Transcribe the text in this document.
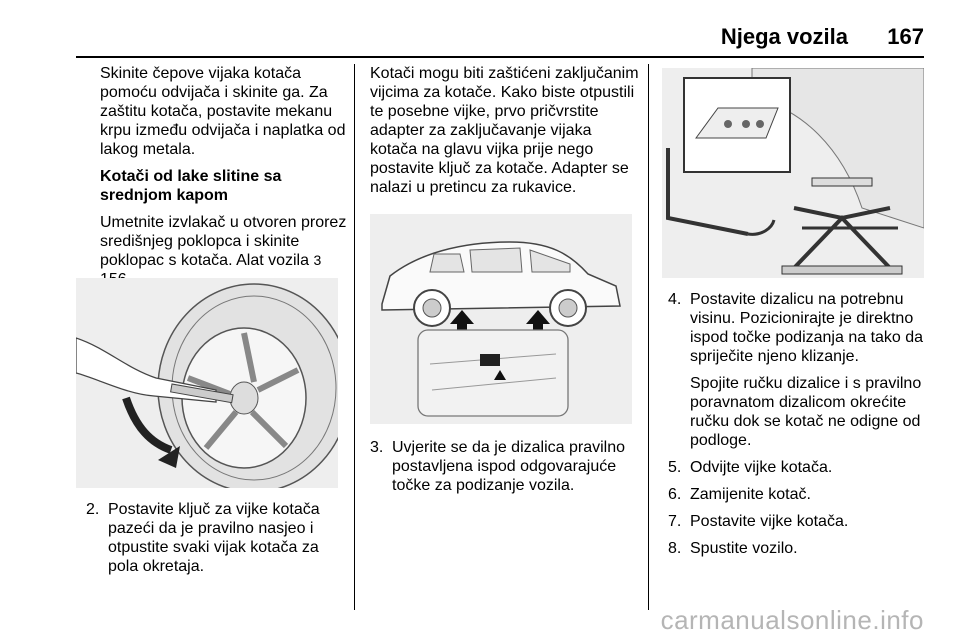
Njega vozila 167

Skinite čepove vijaka kotača pomoću odvijača i skinite ga. Za zaštitu kotača, postavite mekanu krpu između odvijača i naplatka od lakog metala.

Kotači od lake slitine sa srednjom kapom

Umetnite izvlakač u otvoren prorez središnjeg poklopca i skinite poklopac s kotača. Alat vozila 3

2. Postavite ključ za vijke kotača pazeći da je pravilno nasjeo i otpustite svaki vijak kotača za pola okretaja.

Kotači mogu biti zaštićeni zaključanim vijcima za kotače. Kako biste otpustili te posebne vijke, prvo pričvrstite adapter za zaključavanje vijaka kotača na glavu vijka prije nego postavite ključ za kotače. Adapter se nalazi u pretincu za rukavice.

3. Uvjerite se da je dizalica pravilno postavljena ispod odgovarajuće točke za podizanje vozila.
4. Postavite dizalicu na potrebnu visinu. Pozicionirajte je direktno ispod točke podizanja na tako da spriječite njeno klizanje.
Spojite ručku dizalice i s pravilno poravnatom dizalicom okrećite ručku dok se kotač ne odigne od podloge.
5. Odvijte vijke kotača.
6. Zamijenite kotač.
7. Postavite vijke kotača.
8. Spustite vozilo.
carmanualsonline.info
